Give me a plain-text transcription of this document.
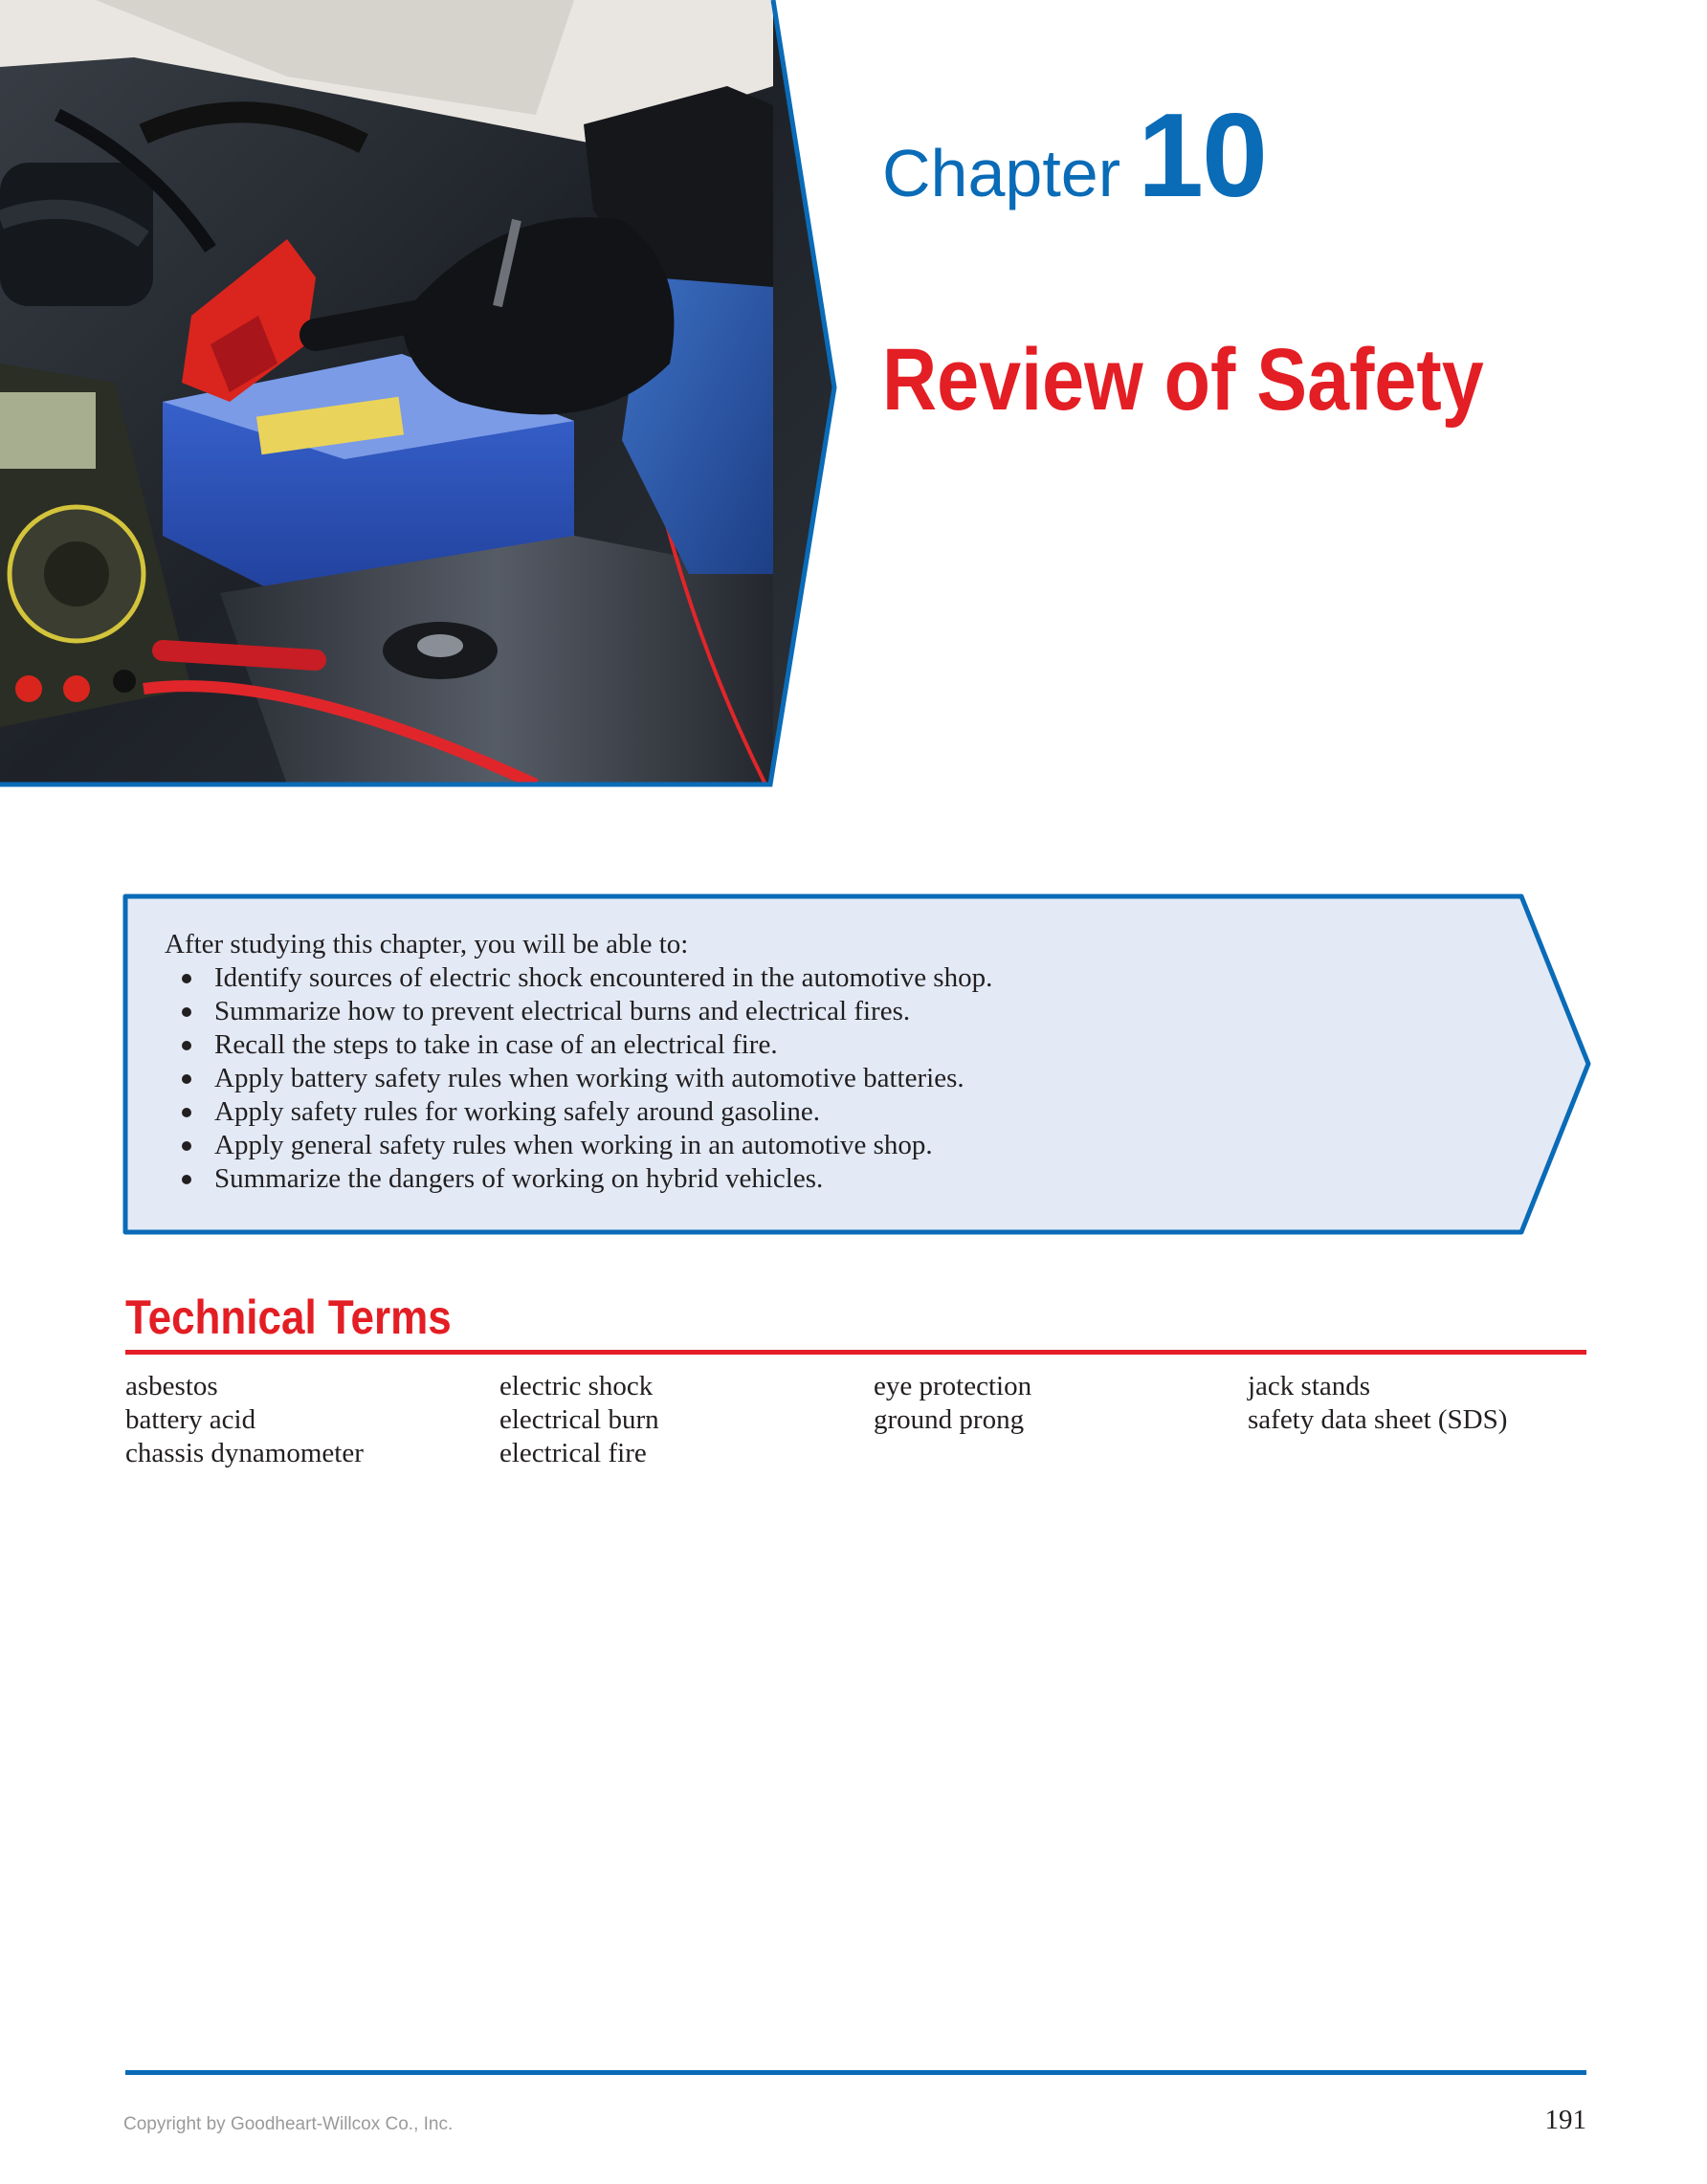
Chapter 10
Review of Safety
After studying this chapter, you will be able to:
Identify sources of electric shock encountered in the automotive shop.
Summarize how to prevent electrical burns and electrical fires.
Recall the steps to take in case of an electrical fire.
Apply battery safety rules when working with automotive batteries.
Apply safety rules for working safely around gasoline.
Apply general safety rules when working in an automotive shop.
Summarize the dangers of working on hybrid vehicles.
Technical Terms
asbestos
battery acid
chassis dynamometer
electric shock
electrical burn
electrical fire
eye protection
ground prong
jack stands
safety data sheet (SDS)
Copyright by Goodheart-Willcox Co., Inc.	191
